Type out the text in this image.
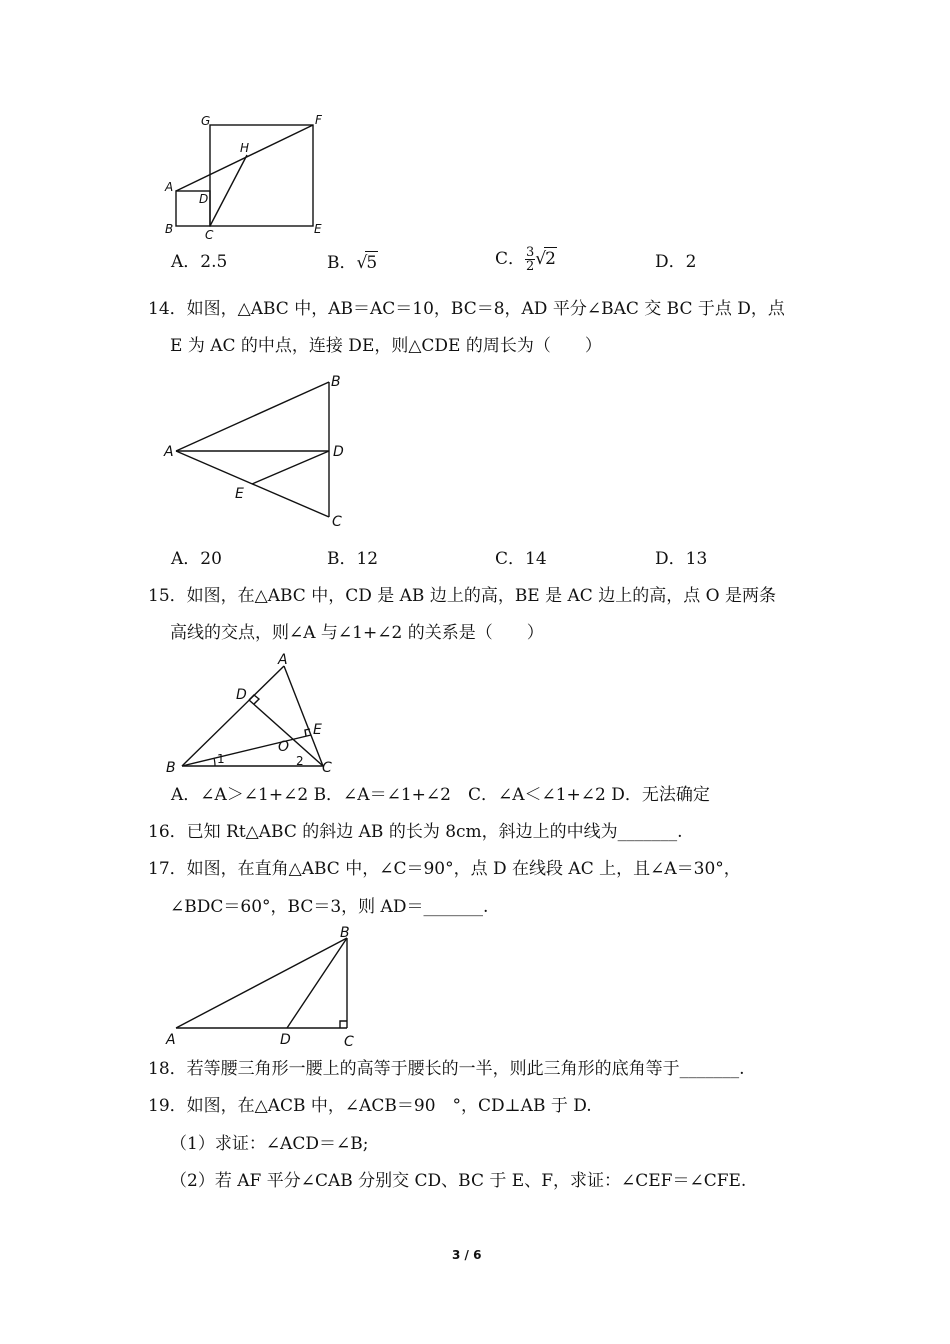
G	F
H
A
D
B	C	E
A．2.5	B．√5	C． $\frac{3}{2} √2$	D．2
14．如图，△ABC 中，AB＝AC＝10，BC＝8，AD 平分∠BAC 交 BC 于点 D，点
E 为 AC 的中点，连接 DE，则△CDE 的周长为（　　）
B
A	D
E
C
A．20	B．12	C．14	D．13
15．如图，在△ABC 中，CD 是 AB 边上的高，BE 是 AC 边上的高，点 O 是两条
高线的交点，则∠A 与∠1+∠2 的关系是（　　）
A
D
E
O
B	C
1	2
A．∠A＞∠1+∠2 B．∠A＝∠1+∠2　C．∠A＜∠1+∠2 D．无法确定
16．已知 Rt△ABC 的斜边 AB 的长为 8cm，斜边上的中线为_______.
17．如图，在直角△ABC 中，∠C＝90°，点 D 在线段 AC 上，且∠A＝30°，
∠BDC＝60°，BC＝3，则 AD＝_______.
B
A	D	C
18．若等腰三角形一腰上的高等于腰长的一半，则此三角形的底角等于_______.
19．如图，在△ACB 中，∠ACB＝90　°，CD⊥AB 于 D.
（1）求证：∠ACD＝∠B;
（2）若 AF 平分∠CAB 分别交 CD、BC 于 E、F，求证：∠CEF＝∠CFE.
3 / 6
